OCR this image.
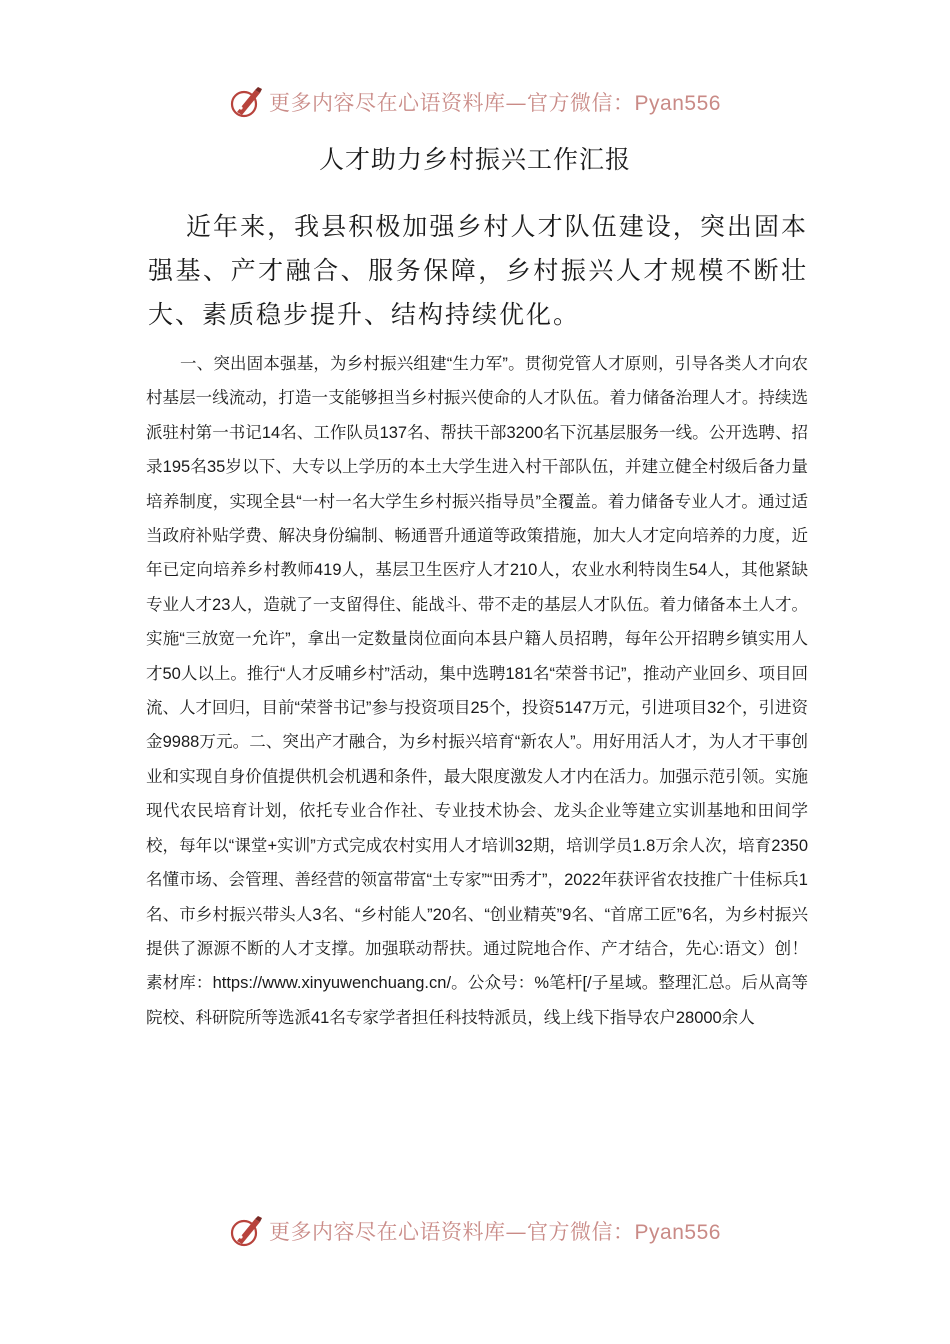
更多内容尽在心语资料库—官方微信：Pyan556
人才助力乡村振兴工作汇报

近年来，我县积极加强乡村人才队伍建设，突出固本强基、产才融合、服务保障，乡村振兴人才规模不断壮大、素质稳步提升、结构持续优化。

一、突出固本强基，为乡村振兴组建“生力军”。贯彻党管人才原则，引导各类人才向农村基层一线流动，打造一支能够担当乡村振兴使命的人才队伍。着力储备治理人才。持续选派驻村第一书记14名、工作队员137名、帮扶干部3200名下沉基层服务一线。公开选聘、招录195名35岁以下、大专以上学历的本土大学生进入村干部队伍，并建立健全村级后备力量培养制度，实现全县“一村一名大学生乡村振兴指导员”全覆盖。着力储备专业人才。通过适当政府补贴学费、解决身份编制、畅通晋升通道等政策措施，加大人才定向培养的力度，近年已定向培养乡村教师419人，基层卫生医疗人才210人，农业水利特岗生54人，其他紧缺专业人才23人，造就了一支留得住、能战斗、带不走的基层人才队伍。着力储备本土人才。实施“三放宽一允许”，拿出一定数量岗位面向本县户籍人员招聘，每年公开招聘乡镇实用人才50人以上。推行“人才反哺乡村”活动，集中选聘181名“荣誉书记”，推动产业回乡、项目回流、人才回归，目前“荣誉书记”参与投资项目25个，投资5147万元，引进项目32个，引进资金9988万元。二、突出产才融合，为乡村振兴培育“新农人”。用好用活人才，为人才干事创业和实现自身价值提供机会机遇和条件，最大限度激发人才内在活力。加强示范引领。实施现代农民培育计划，依托专业合作社、专业技术协会、龙头企业等建立实训基地和田间学校，每年以“课堂+实训”方式完成农村实用人才培训32期，培训学员1.8万余人次，培育2350名懂市场、会管理、善经营的领富带富“土专家”“田秀才”，2022年获评省农技推广十佳标兵1名、市乡村振兴带头人3名、“乡村能人”20名、“创业精英”9名、“首席工匠”6名，为乡村振兴提供了源源不断的人才支撑。加强联动帮扶。通过院地合作、产才结合，先心:语文）创！素材库：https://www.xinyuwenchuang.cn/。公众号：%笔杆[/子星域。整理汇总。后从高等院校、科研院所等选派41名专家学者担任科技特派员，线上线下指导农户28000余人

更多内容尽在心语资料库—官方微信：Pyan556
